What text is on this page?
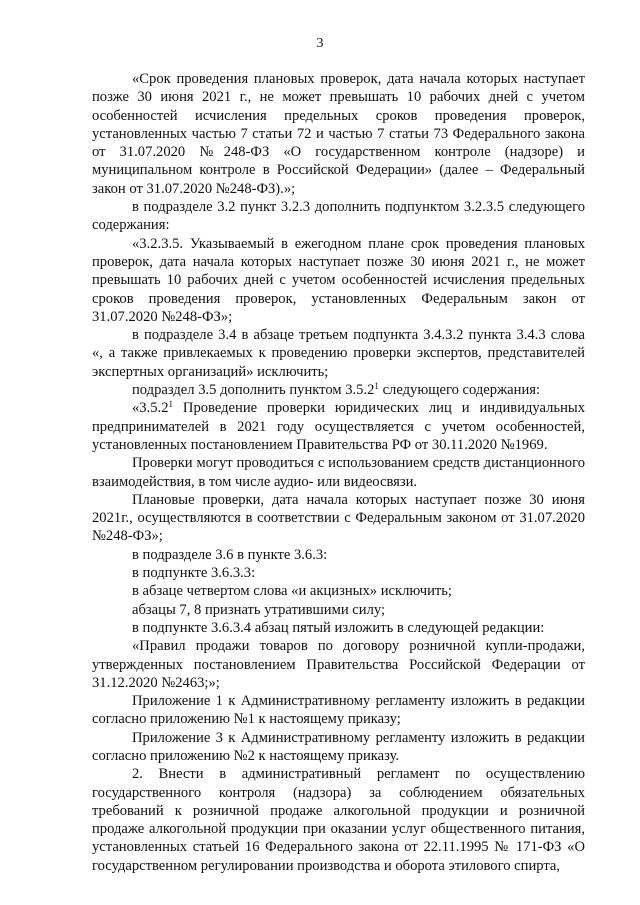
3

«Срок проведения плановых проверок, дата начала которых наступает позже 30 июня 2021 г., не может превышать 10 рабочих дней с учетом особенностей исчисления предельных сроков проведения проверок, установленных частью 7 статьи 72 и частью 7 статьи 73 Федерального закона от 31.07.2020 №248-ФЗ «О государственном контроле (надзоре) и муниципальном контроле в Российской Федерации» (далее – Федеральный закон от 31.07.2020 №248-ФЗ).»;

в подразделе 3.2 пункт 3.2.3 дополнить подпунктом 3.2.3.5 следующего содержания:

«3.2.3.5. Указываемый в ежегодном плане срок проведения плановых проверок, дата начала которых наступает позже 30 июня 2021 г., не может превышать 10 рабочих дней с учетом особенностей исчисления предельных сроков проведения проверок, установленных Федеральным закон от 31.07.2020 №248-ФЗ»;

в подразделе 3.4 в абзаце третьем подпункта 3.4.3.2 пункта 3.4.3 слова «, а также привлекаемых к проведению проверки экспертов, представителей экспертных организаций» исключить;

подраздел 3.5 дополнить пунктом 3.5.2$^1$ следующего содержания:

«3.5.2$^1$ Проведение проверки юридических лиц и индивидуальных предпринимателей в 2021 году осуществляется с учетом особенностей, установленных постановлением Правительства РФ от 30.11.2020 №1969.

Проверки могут проводиться с использованием средств дистанционного взаимодействия, в том числе аудио- или видеосвязи.

Плановые проверки, дата начала которых наступает позже 30 июня 2021г., осуществляются в соответствии с Федеральным законом от 31.07.2020 №248-ФЗ»;

в подразделе 3.6 в пункте 3.6.3:

в подпункте 3.6.3.3:

в абзаце четвертом слова «и акцизных» исключить;

абзацы 7, 8 признать утратившими силу;

в подпункте 3.6.3.4 абзац пятый изложить в следующей редакции:

«Правил продажи товаров по договору розничной купли-продажи, утвержденных постановлением Правительства Российской Федерации от 31.12.2020 №2463;»;

Приложение 1 к Административному регламенту изложить в редакции согласно приложению №1 к настоящему приказу;

Приложение 3 к Административному регламенту изложить в редакции согласно приложению №2 к настоящему приказу.

2. Внести в административный регламент по осуществлению государственного контроля (надзора) за соблюдением обязательных требований к розничной продаже алкогольной продукции и розничной продаже алкогольной продукции при оказании услуг общественного питания, установленных статьей 16 Федерального закона от 22.11.1995 № 171-ФЗ «О государственном регулировании производства и оборота этилового спирта,
